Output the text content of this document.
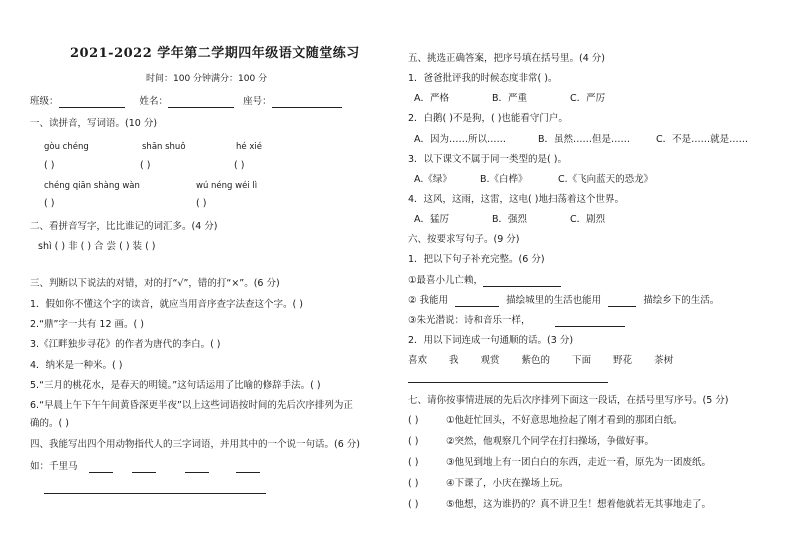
2021-2022 学年第二学期四年级语文随堂练习
时间：100 分钟满分：100 分
班级：	姓名：	座号：
一、读拼音，写词语。(10 分)
gòu chéng	shān shuǒ	hé xié
( )	( )	( )
chéng qiān shàng wàn	wú néng wéi lì
( )	( )
二、看拼音写字，比比谁记的词汇多。(4 分)
shì ( ) 非 ( ) 合 尝 ( ) 装 ( )
三、判断以下说法的对错，对的打“√”，错的打“×”。(6 分)
1．假如你不懂这个字的读音，就应当用音序查字法查这个字。( )
2.“鼎”字一共有 12 画。( )
3.《江畔独步寻花》的作者为唐代的李白。( )
4．纳米是一种米。( )
5.“三月的桃花水，是春天的明镜。”这句话运用了比喻的修辞手法。( )
6.“早晨上午下午午间黄昏深更半夜”以上这些词语按时间的先后次序排列为正
确的。( )
四、我能写出四个用动物指代人的三字词语，并用其中的一个说一句话。(6 分)
如：千里马
五、挑选正确答案，把序号填在括号里。(4 分)
1．爸爸批评我的时候态度非常( )。
A．严格	B．严重	C．严厉
2．白鹅( )不是狗，( )也能看守门户。
A．因为……所以……	B．虽然……但是……	C．不是……就是……
3．以下课文不属于同一类型的是( )。
A.《绿》	B.《白桦》	C.《飞向蓝天的恐龙》
4．这风，这雨，这雷，这电( )地扫荡着这个世界。
A．猛厉	B．强烈	C．剧烈
六、按要求写句子。(9 分)
1．把以下句子补充完整。(6 分)
①最喜小儿亡赖，
② 我能用	描绘城里的生活也能用	描绘乡下的生活。
③朱光潜说：诗和音乐一样，
2．用以下词连成一句通顺的话。(3 分)
喜欢 我 观赏 紫色的 下面 野花 茶树
七、请你按事情进展的先后次序排列下面这一段话，在括号里写序号。(5 分)
( )	①他赶忙回头，不好意思地捡起了刚才看到的那团白纸。
( )	②突然，他观察几个同学在打扫操场，争做好事。
( )	③他见到地上有一团白白的东西，走近一看，原先为一团废纸。
( )	④下课了，小庆在操场上玩。
( )	⑤他想，这为谁扔的？真不讲卫生！想着他就若无其事地走了。
